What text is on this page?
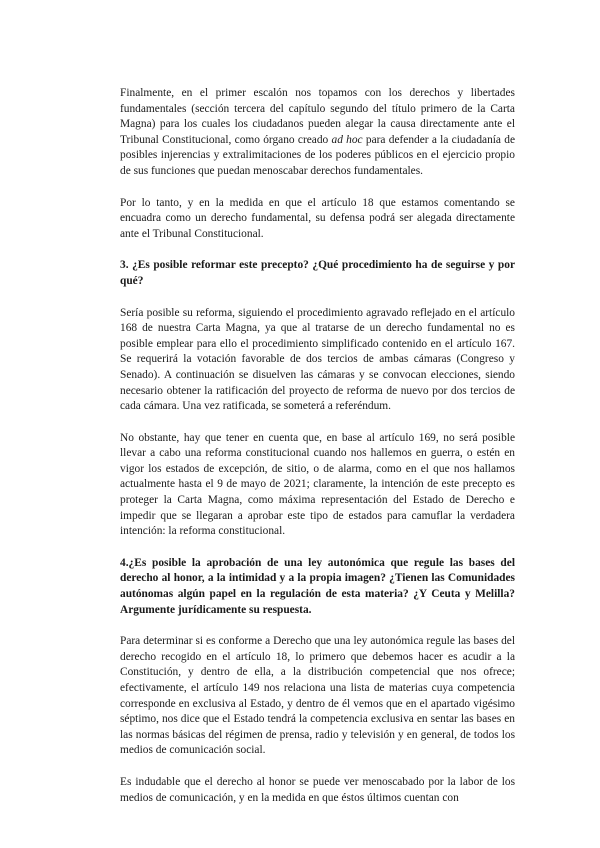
Finalmente, en el primer escalón nos topamos con los derechos y libertades fundamentales (sección tercera del capítulo segundo del título primero de la Carta Magna) para los cuales los ciudadanos pueden alegar la causa directamente ante el Tribunal Constitucional, como órgano creado ad hoc para defender a la ciudadanía de posibles injerencias y extralimitaciones de los poderes públicos en el ejercicio propio de sus funciones que puedan menoscabar derechos fundamentales.

Por lo tanto, y en la medida en que el artículo 18 que estamos comentando se encuadra como un derecho fundamental, su defensa podrá ser alegada directamente ante el Tribunal Constitucional.

3. ¿Es posible reformar este precepto? ¿Qué procedimiento ha de seguirse y por qué?

Sería posible su reforma, siguiendo el procedimiento agravado reflejado en el artículo 168 de nuestra Carta Magna, ya que al tratarse de un derecho fundamental no es posible emplear para ello el procedimiento simplificado contenido en el artículo 167. Se requerirá la votación favorable de dos tercios de ambas cámaras (Congreso y Senado). A continuación se disuelven las cámaras y se convocan elecciones, siendo necesario obtener la ratificación del proyecto de reforma de nuevo por dos tercios de cada cámara. Una vez ratificada, se someterá a referéndum.

No obstante, hay que tener en cuenta que, en base al artículo 169, no será posible llevar a cabo una reforma constitucional cuando nos hallemos en guerra, o estén en vigor los estados de excepción, de sitio, o de alarma, como en el que nos hallamos actualmente hasta el 9 de mayo de 2021; claramente, la intención de este precepto es proteger la Carta Magna, como máxima representación del Estado de Derecho e impedir que se llegaran a aprobar este tipo de estados para camuflar la verdadera intención: la reforma constitucional.

4.¿Es posible la aprobación de una ley autonómica que regule las bases del derecho al honor, a la intimidad y a la propia imagen? ¿Tienen las Comunidades autónomas algún papel en la regulación de esta materia? ¿Y Ceuta y Melilla? Argumente jurídicamente su respuesta.

Para determinar si es conforme a Derecho que una ley autonómica regule las bases del derecho recogido en el artículo 18, lo primero que debemos hacer es acudir a la Constitución, y dentro de ella, a la distribución competencial que nos ofrece; efectivamente, el artículo 149 nos relaciona una lista de materias cuya competencia corresponde en exclusiva al Estado, y dentro de él vemos que en el apartado vigésimo séptimo, nos dice que el Estado tendrá la competencia exclusiva en sentar las bases en las normas básicas del régimen de prensa, radio y televisión y en general, de todos los medios de comunicación social.

Es indudable que el derecho al honor se puede ver menoscabado por la labor de los medios de comunicación, y en la medida en que éstos últimos cuentan con
